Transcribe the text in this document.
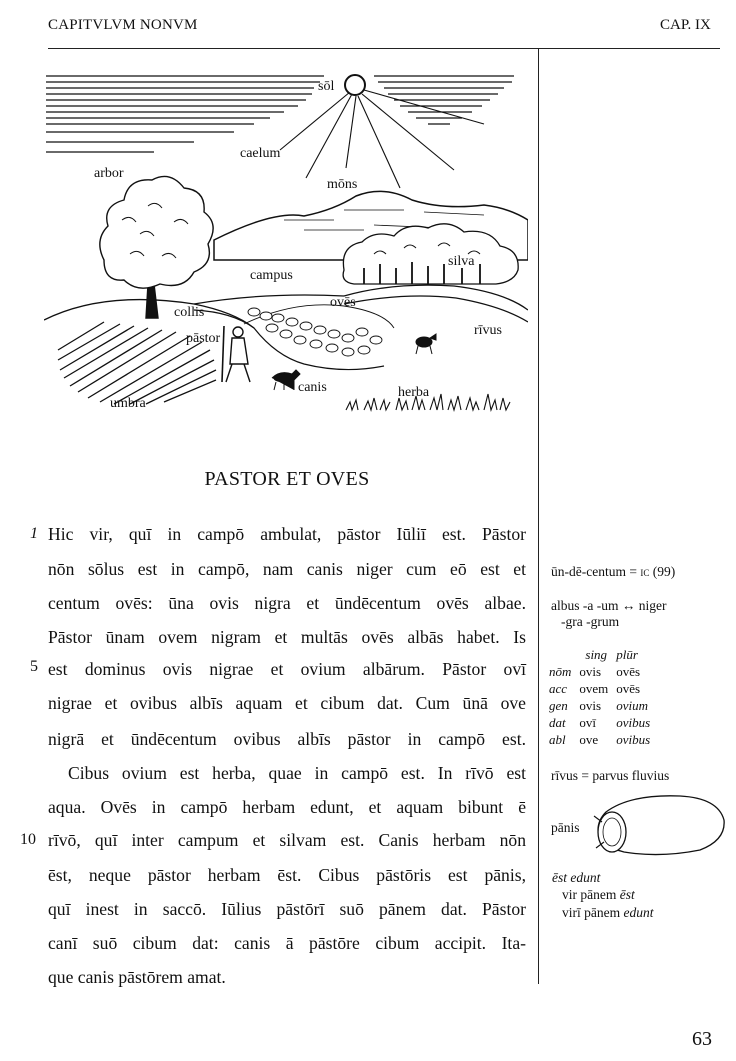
CAPITVLVM NONVM	CAP. IX
sōl
caelum
arbor
mōns
silva
campus
ovēs
collis
rīvus
pāstor
canis	herba
umbra
PASTOR ET OVES
1
5
10
Hic vir, quī in campō ambulat, pāstor Iūliī est. Pāstor
nōn sōlus est in campō, nam canis niger cum eō est et
centum ovēs: ūna ovis nigra et ūndēcentum ovēs albae.
Pāstor ūnam ovem nigram et multās ovēs albās habet. Is
est dominus ovis nigrae et ovium albārum. Pāstor ovī
nigrae et ovibus albīs aquam et cibum dat. Cum ūnā ove
nigrā et ūndēcentum ovibus albīs pāstor in campō est.
Cibus ovium est herba, quae in campō est. In rīvō est
aqua. Ovēs in campō herbam edunt, et aquam bibunt ē
rīvō, quī inter campum et silvam est. Canis herbam nōn
ēst, neque pāstor herbam ēst. Cibus pāstōris est pānis,
quī inest in saccō. Iūlius pāstōrī suō pānem dat. Pāstor
canī suō cibum dat: canis ā pāstōre cibum accipit. Ita-
que canis pāstōrem amat.
ūn-dē-centum = ic (99)
albus -a -um ↔ niger
-gra -grum
	sing	plūr
nōm	ovis	ovēs
acc	ovem	ovēs
gen	ovis	ovium
dat	ovī	ovibus
abl	ove	ovibus
rīvus = parvus fluvius
pānis
ēst edunt
vir pānem ēst
virī pānem edunt
63
